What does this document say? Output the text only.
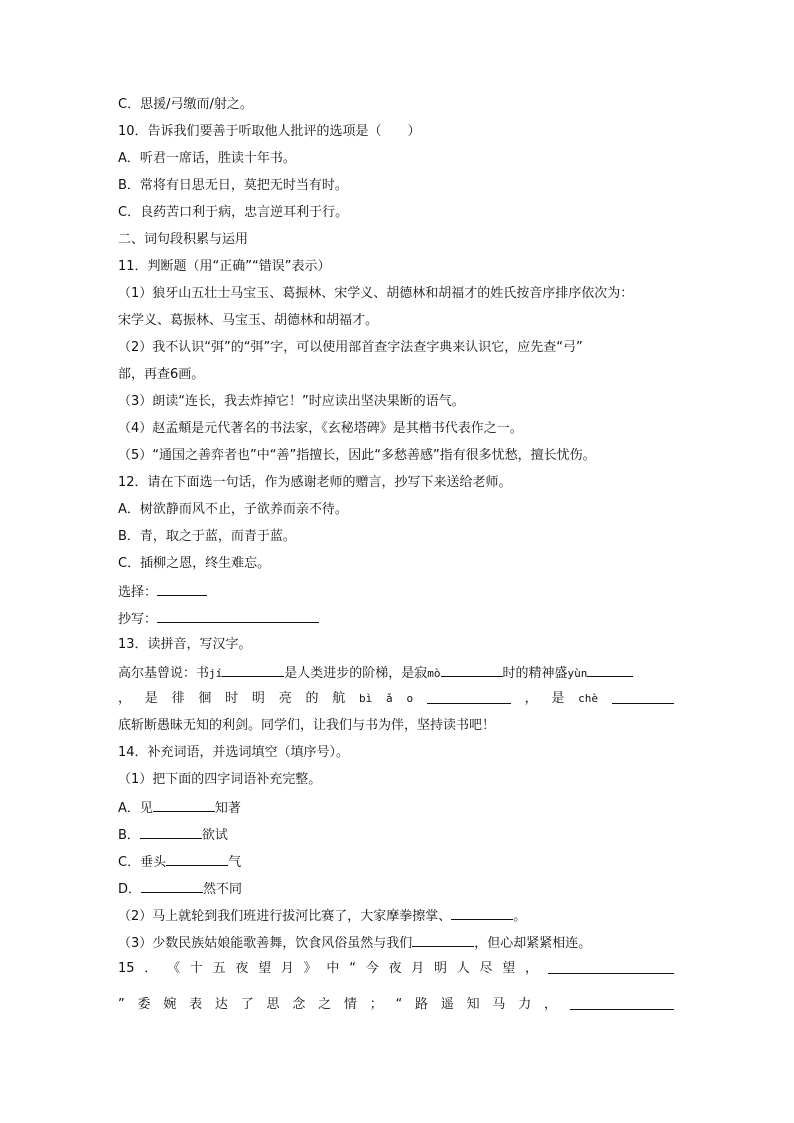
C．思援/弓缴而/射之。
10．告诉我们要善于听取他人批评的选项是（　　）
A．听君一席话，胜读十年书。
B．常将有日思无日，莫把无时当有时。
C．良药苦口利于病，忠言逆耳利于行。
二、词句段积累与运用
11．判断题（用“正确”“错误”表示）
（1）狼牙山五壮士马宝玉、葛振林、宋学义、胡德林和胡福才的姓氏按音序排序依次为：
宋学义、葛振林、马宝玉、胡德林和胡福才。
（2）我不认识“弭”的“弭”字，可以使用部首查字法查字典来认识它，应先查“弓”
部，再查6画。
（3）朗读“连长，我去炸掉它！”时应读出坚决果断的语气。
（4）赵孟頫是元代著名的书法家，《玄秘塔碑》是其楷书代表作之一。
（5）“通国之善弈者也”中“善”指擅长，因此“多愁善感”指有很多忧愁，擅长忧伤。
12．请在下面选一句话，作为感谢老师的赠言，抄写下来送给老师。
A．树欲静而风不止，子欲养而亲不待。
B．青，取之于蓝，而青于蓝。
C．插柳之恩，终生难忘。
选择：
抄写：
13．读拼音，写汉字。
高尔基曾说：书jí	是人类进步的阶梯，是寂mò	时的精神盛yùn
， 是 徘 徊 时 明 亮 的 航 bì ǎ o	， 是 chè
底斩断愚昧无知的利剑。同学们，让我们与书为伴，坚持读书吧！
14．补充词语，并选词填空（填序号）。
（1）把下面的四字词语补充完整。
A．见	知著
B．	欲试
C．垂头	气
D．	然不同
（2）马上就轮到我们班进行拔河比赛了，大家摩拳擦掌、	。
（3）少数民族姑娘能歌善舞，饮食风俗虽然与我们	，但心却紧紧相连。
15 ． 《 十 五 夜 望 月 》 中 “ 今 夜 月 明 人 尽 望 ，
” 委 婉 表 达 了 思 念 之 情 ； “ 路 遥 知 马 力 ，
